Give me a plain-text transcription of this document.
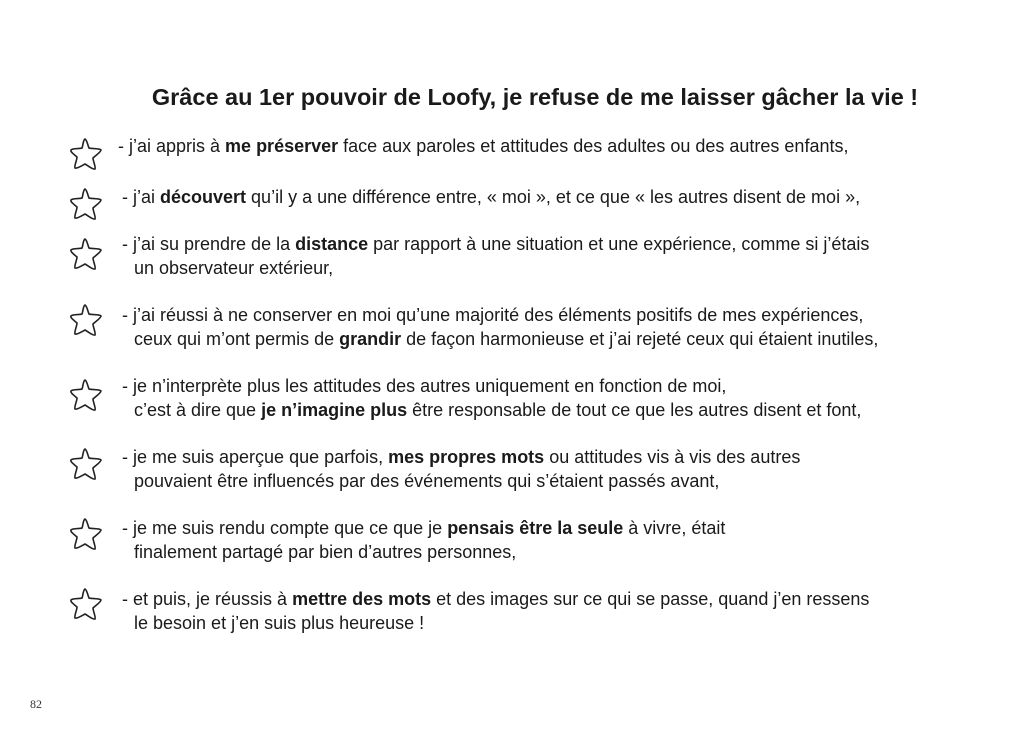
Grâce au 1er pouvoir de Loofy, je refuse de me laisser gâcher la vie !
- j’ai appris à me préserver face aux paroles et attitudes des adultes ou des autres enfants,
- j’ai découvert qu’il y a une différence entre, « moi », et ce que « les autres disent de moi »,
- j’ai su prendre de la distance par rapport à une situation et une expérience, comme si j’étais
un observateur extérieur,
- j’ai réussi à ne conserver en moi qu’une majorité des éléments positifs de mes expériences,
ceux qui m’ont permis de grandir de façon harmonieuse et j’ai rejeté ceux qui étaient inutiles,
- je n’interprète plus les attitudes des autres uniquement en fonction de moi,
c’est à dire que je n’imagine plus être responsable de tout ce que les autres disent et font,
- je me suis aperçue que parfois, mes propres mots ou attitudes vis à vis des autres
pouvaient être influencés par des événements qui s’étaient passés avant,
- je me suis rendu compte que ce que je pensais être la seule à vivre, était
finalement partagé par bien d’autres personnes,
- et puis, je réussis à mettre des mots et des images sur ce qui se passe, quand j’en ressens
le besoin et j’en suis plus heureuse !
82
